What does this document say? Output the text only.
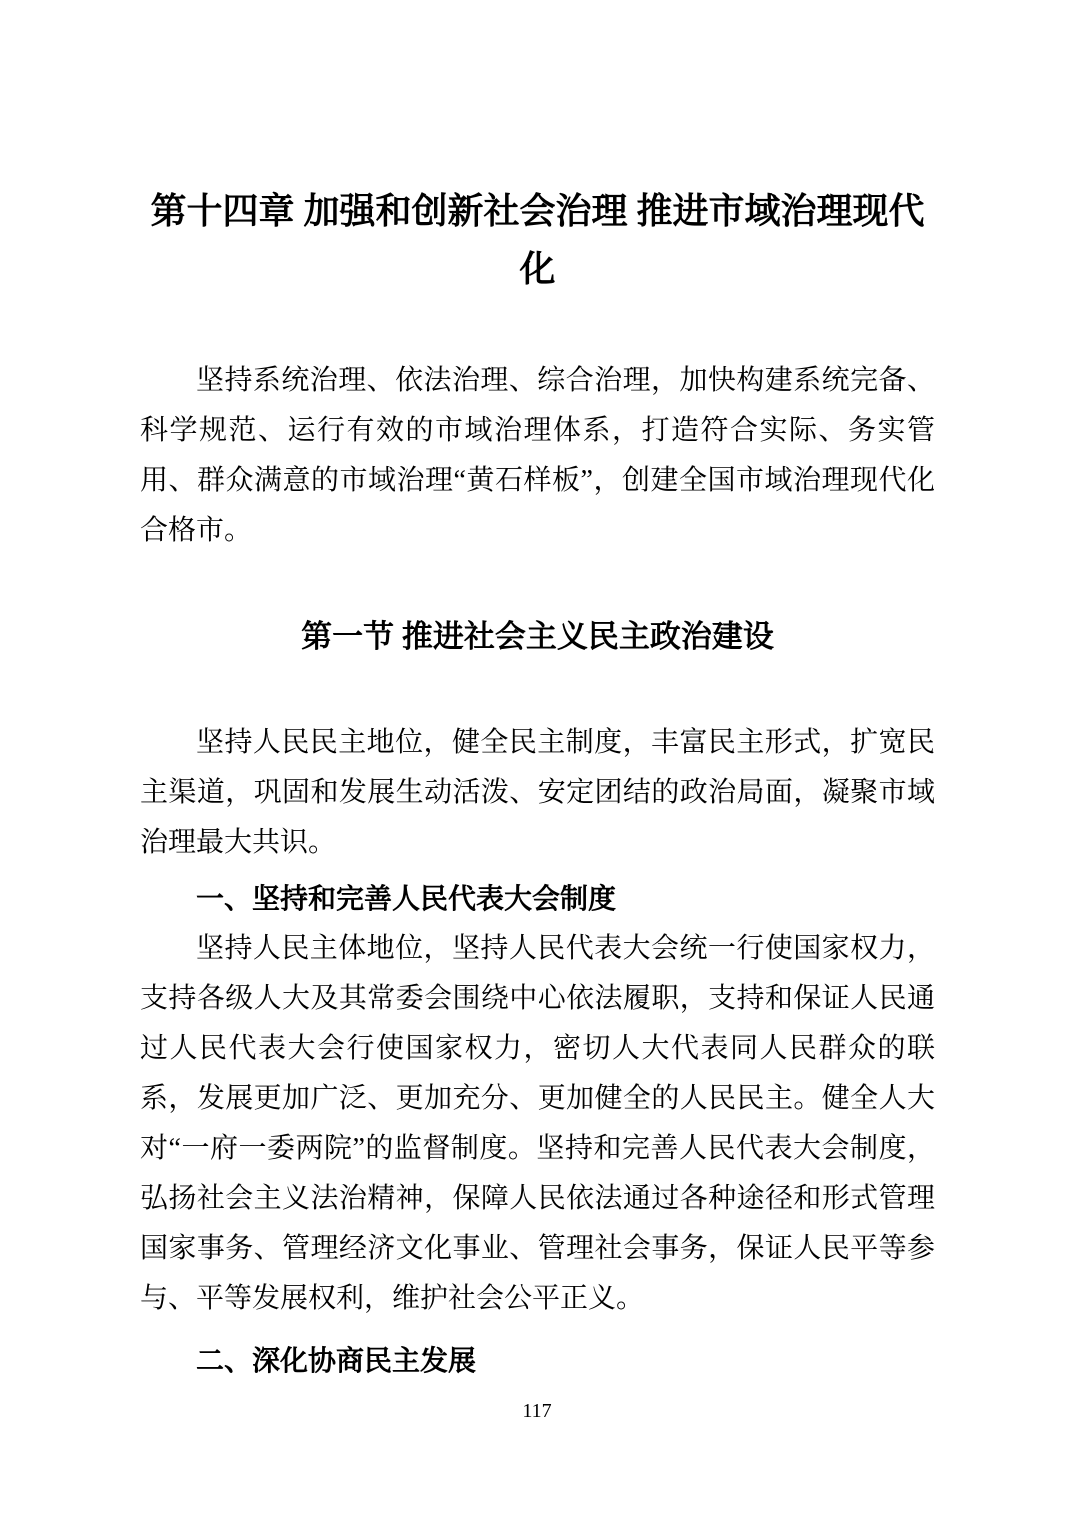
第十四章 加强和创新社会治理 推进市域治理现代化

坚持系统治理、依法治理、综合治理，加快构建系统完备、科学规范、运行有效的市域治理体系，打造符合实际、务实管用、群众满意的市域治理“黄石样板”，创建全国市域治理现代化合格市。

第一节 推进社会主义民主政治建设

坚持人民民主地位，健全民主制度，丰富民主形式，扩宽民主渠道，巩固和发展生动活泼、安定团结的政治局面，凝聚市域治理最大共识。

一、坚持和完善人民代表大会制度

坚持人民主体地位，坚持人民代表大会统一行使国家权力，支持各级人大及其常委会围绕中心依法履职，支持和保证人民通过人民代表大会行使国家权力，密切人大代表同人民群众的联系，发展更加广泛、更加充分、更加健全的人民民主。健全人大对“一府一委两院”的监督制度。坚持和完善人民代表大会制度，弘扬社会主义法治精神，保障人民依法通过各种途径和形式管理国家事务、管理经济文化事业、管理社会事务，保证人民平等参与、平等发展权利，维护社会公平正义。

二、深化协商民主发展
117
